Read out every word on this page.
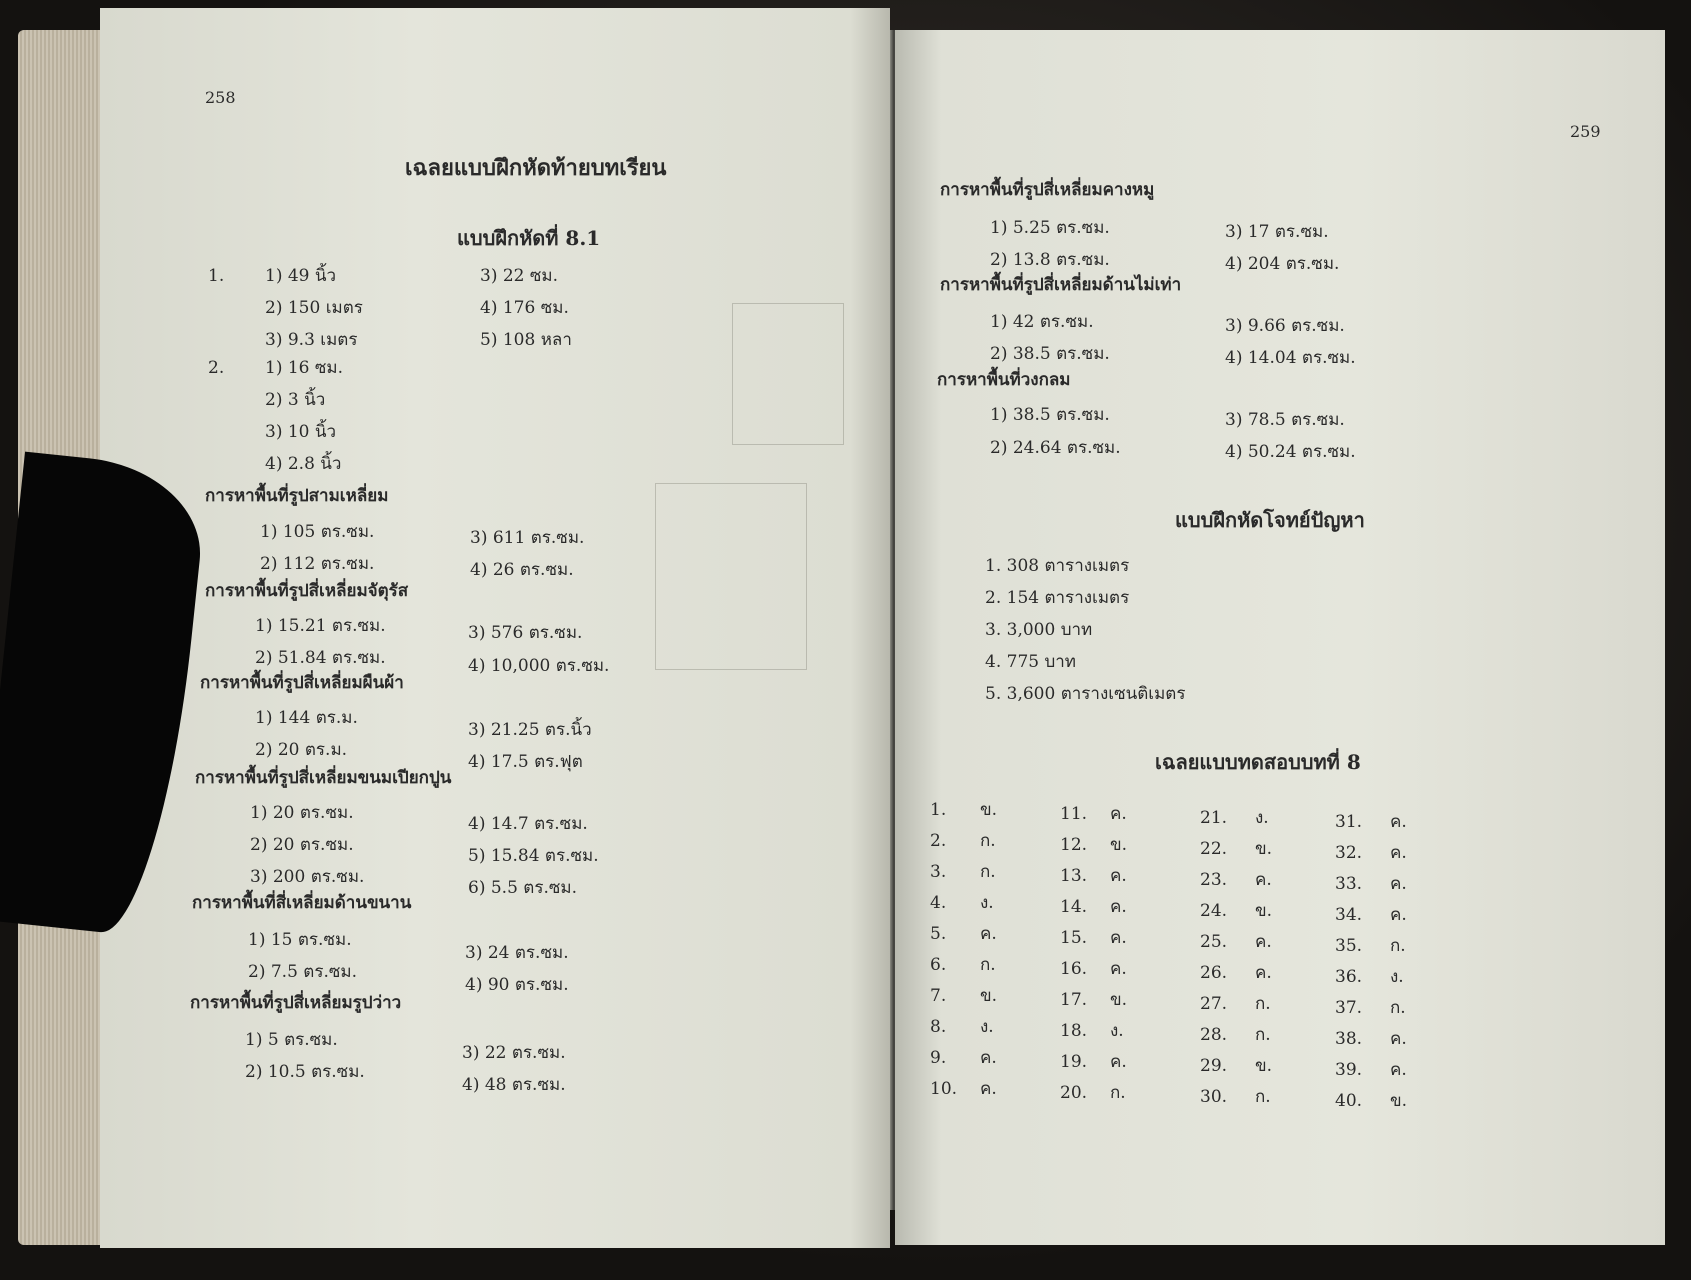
258
เฉลยแบบฝึกหัดท้ายบทเรียน
แบบฝึกหัดที่ 8.1
1. 1) 49 นิ้ว
2) 150 เมตร
3) 9.3 เมตร
3) 22 ซม.
4) 176 ซม.
5) 108 หลา
2. 1) 16 ซม.
2) 3 นิ้ว
3) 10 นิ้ว
4) 2.8 นิ้ว
การหาพื้นที่รูปสามเหลี่ยม
1) 105 ตร.ซม.
2) 112 ตร.ซม.
3) 611 ตร.ซม.
4) 26 ตร.ซม.
การหาพื้นที่รูปสี่เหลี่ยมจัตุรัส
1) 15.21 ตร.ซม.
2) 51.84 ตร.ซม.
3) 576 ตร.ซม.
4) 10,000 ตร.ซม.
การหาพื้นที่รูปสี่เหลี่ยมผืนผ้า
1) 144 ตร.ม.
2) 20 ตร.ม.
3) 21.25 ตร.นิ้ว
4) 17.5 ตร.ฟุต
การหาพื้นที่รูปสี่เหลี่ยมขนมเปียกปูน
1) 20 ตร.ซม.
2) 20 ตร.ซม.
3) 200 ตร.ซม.
4) 14.7 ตร.ซม.
5) 15.84 ตร.ซม.
6) 5.5 ตร.ซม.
การหาพื้นที่สี่เหลี่ยมด้านขนาน
1) 15 ตร.ซม.
2) 7.5 ตร.ซม.
3) 24 ตร.ซม.
4) 90 ตร.ซม.
การหาพื้นที่รูปสี่เหลี่ยมรูปว่าว
1) 5 ตร.ซม.
2) 10.5 ตร.ซม.
3) 22 ตร.ซม.
4) 48 ตร.ซม.
259
การหาพื้นที่รูปสี่เหลี่ยมคางหมู
1) 5.25 ตร.ซม.
2) 13.8 ตร.ซม.
3) 17 ตร.ซม.
4) 204 ตร.ซม.
การหาพื้นที่รูปสี่เหลี่ยมด้านไม่เท่า
1) 42 ตร.ซม.
2) 38.5 ตร.ซม.
3) 9.66 ตร.ซม.
4) 14.04 ตร.ซม.
การหาพื้นที่วงกลม
1) 38.5 ตร.ซม.
2) 24.64 ตร.ซม.
3) 78.5 ตร.ซม.
4) 50.24 ตร.ซม.
แบบฝึกหัดโจทย์ปัญหา
1. 308 ตารางเมตร
2. 154 ตารางเมตร
3. 3,000 บาท
4. 775 บาท
5. 3,600 ตารางเซนติเมตร
เฉลยแบบทดสอบบทที่ 8
1. ข.
2. ก.
3. ก.
4. ง.
5. ค.
6. ก.
7. ข.
8. ง.
9. ค.
10. ค.
11. ค.
12. ข.
13. ค.
14. ค.
15. ค.
16. ค.
17. ข.
18. ง.
19. ค.
20. ก.
21. ง.
22. ข.
23. ค.
24. ข.
25. ค.
26. ค.
27. ก.
28. ก.
29. ข.
30. ก.
31. ค.
32. ค.
33. ค.
34. ค.
35. ก.
36. ง.
37. ก.
38. ค.
39. ค.
40. ข.
